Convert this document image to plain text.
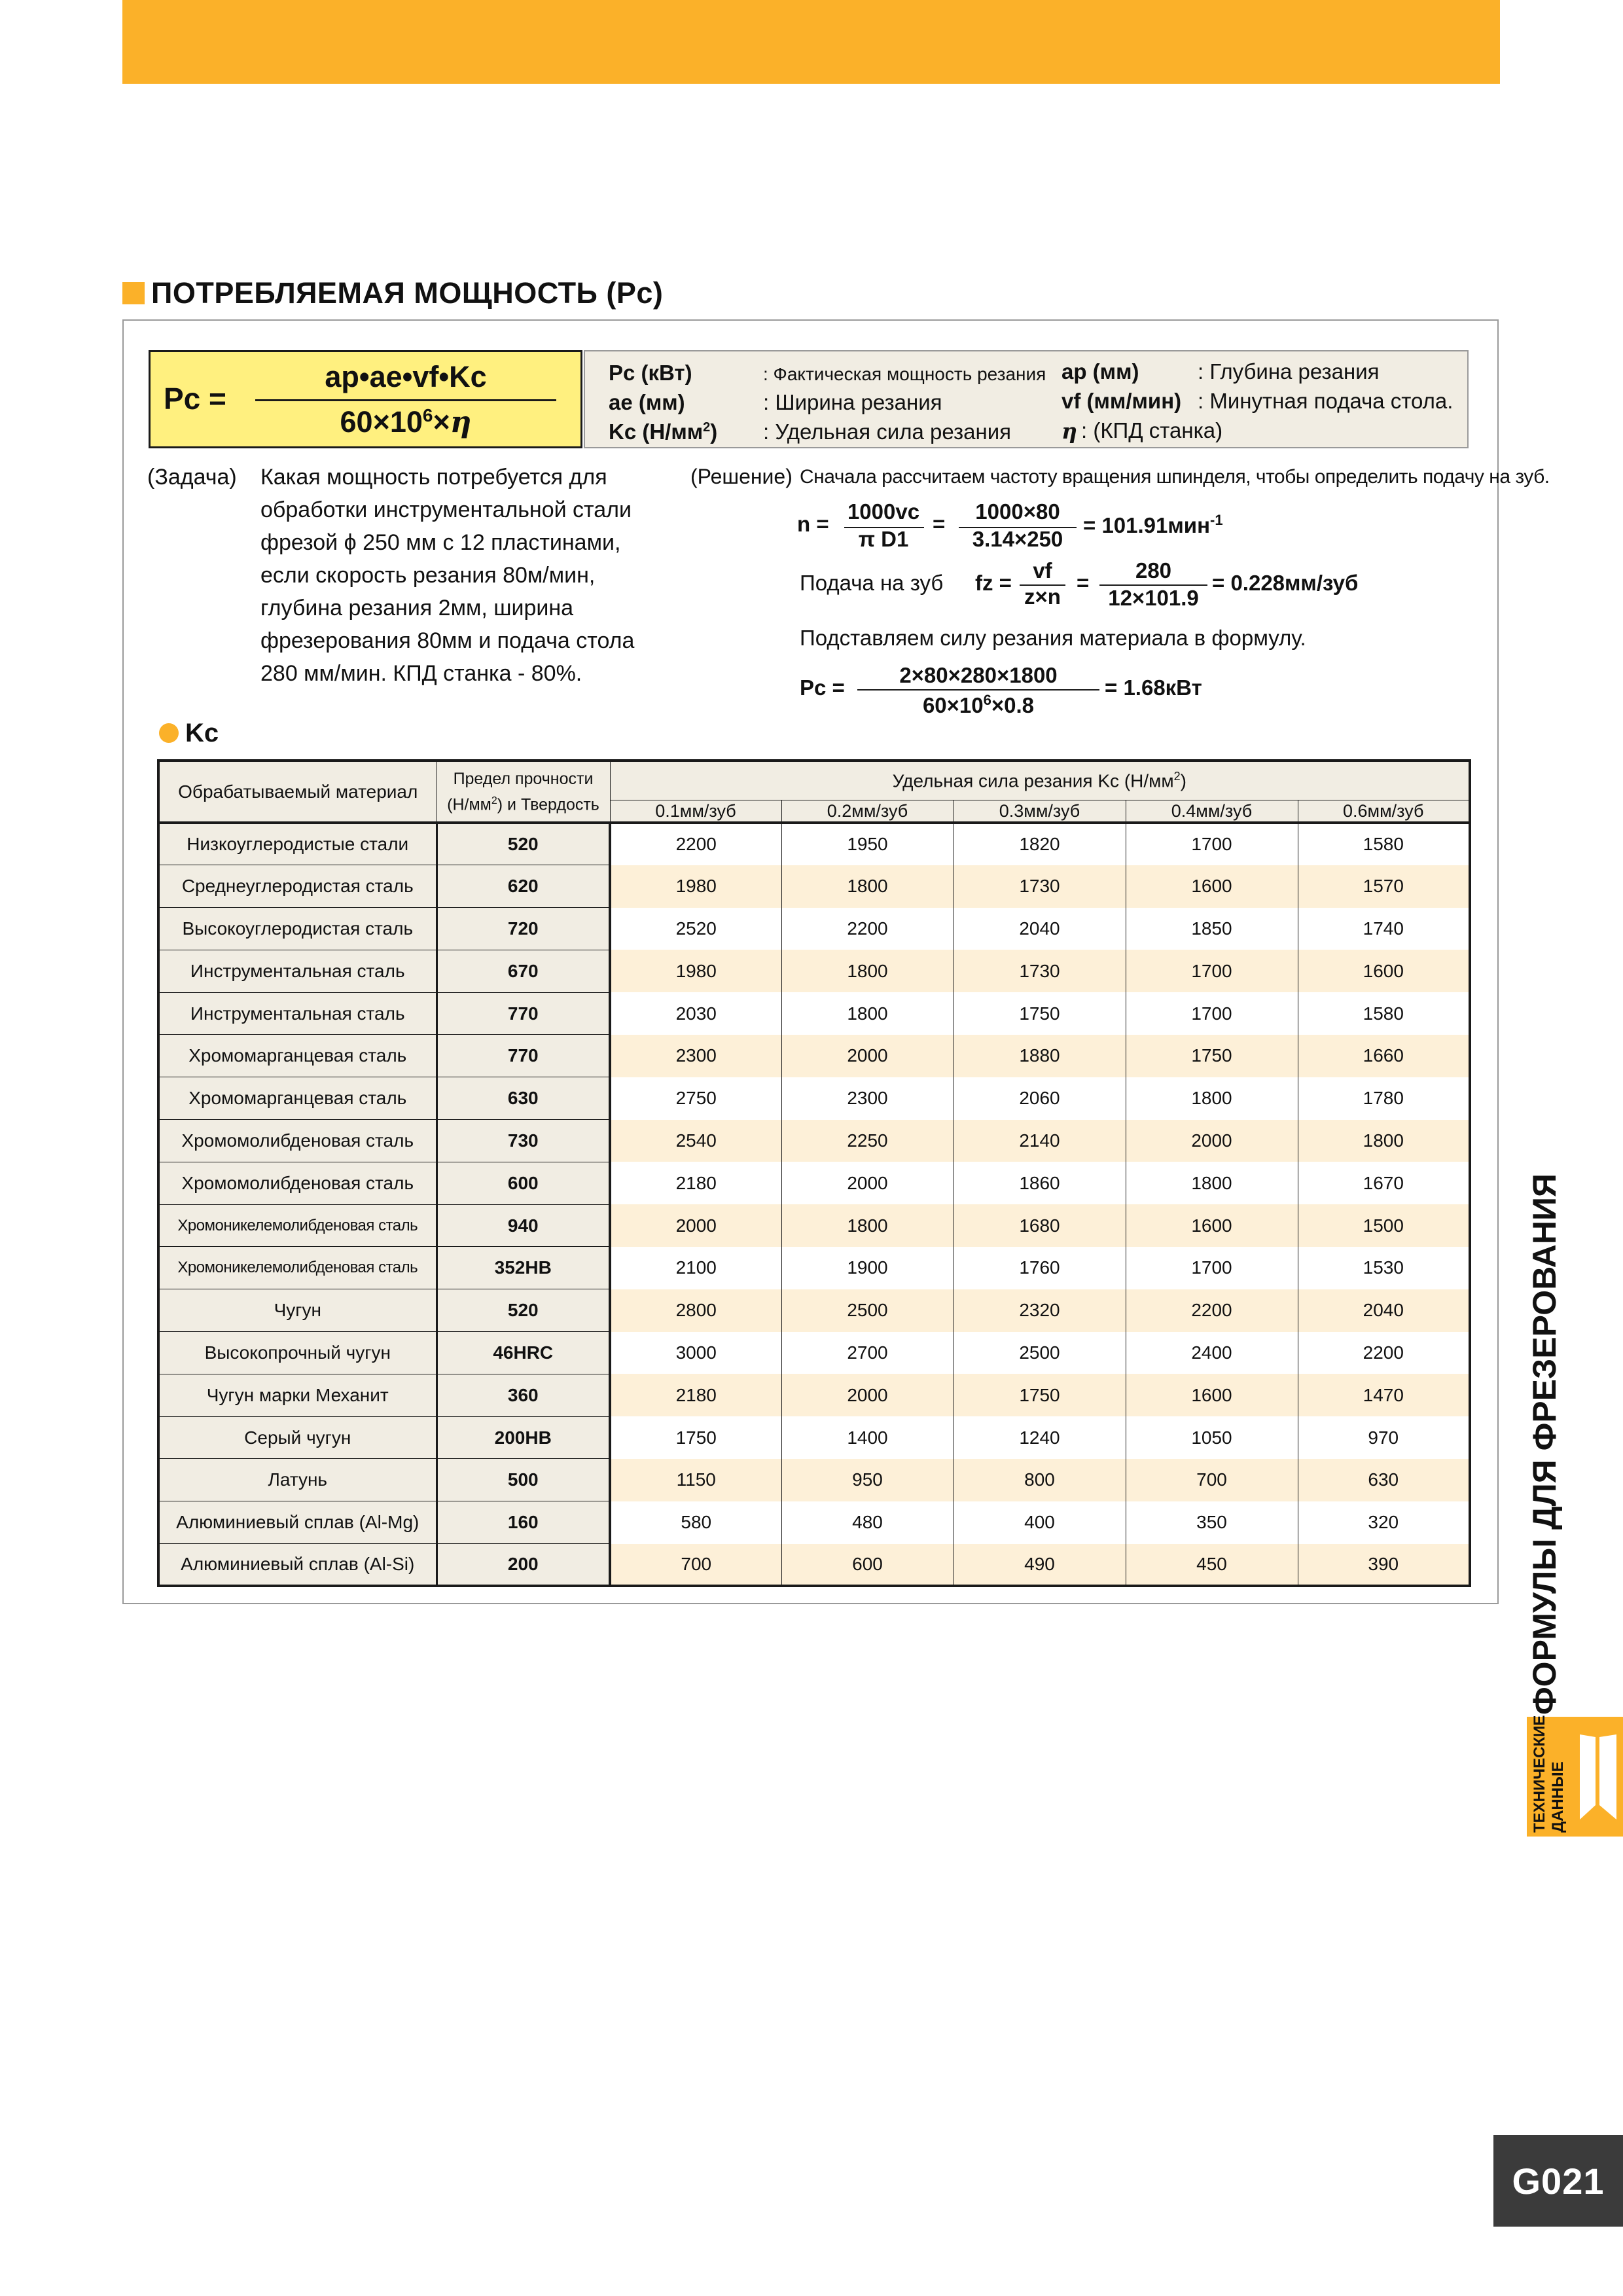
ПОТРЕБЛЯЕМАЯ МОЩНОСТЬ (Pc)
Pc =
ap•ae•vf•Kc
$60\times 10^6\times\eta$
Pc (кВт)	: Фактическая мощность резания
ae (мм)	: Ширина резания
Kc $(Н/мм^2)$ : Удельная сила резания
ap (мм)	: Глубина резания
vf (мм/мин) : Минутная подача стола.
η : (КПД станка)
(Задача) Какая мощность потребуется для
обработки инструментальной стали
фрезой ϕ 250 мм с 12 пластинами,
если скорость резания 80м/мин,
глубина резания 2мм, ширина
фрезерования 80мм и подача стола
280 мм/мин. КПД станка - 80%.
(Решение) Сначала рассчитаем частоту вращения шпинделя, чтобы определить подачу на зуб.
n =
1000vc
π D1
=
1000×80
3.14×250
= 101.91мин$^{-1}$
Подача на зуб fz =
vf
z×n
=
280
12×101.9
= 0.228мм/зуб
Подставляем силу резания материала в формулу.
Pc =
2×80×280×1800
$60\times 10^6\times 0.8$
= 1.68кВт
Kc
Обрабатываемый материал	Предел прочности
$(Н/мм^2)$ и Твердость	Удельная сила резания Kc $(Н/мм^2)$				
		0.1мм/зуб	0.2мм/зуб	0.3мм/зуб	0.4мм/зуб	0.6мм/зуб
Низкоуглеродистые стали	520	2200	1950	1820	1700	1580
Среднеуглеродистая сталь	620	1980	1800	1730	1600	1570
Высокоуглеродистая сталь	720	2520	2200	2040	1850	1740
Инструментальная сталь	670	1980	1800	1730	1700	1600
Инструментальная сталь	770	2030	1800	1750	1700	1580
Хромомарганцевая сталь	770	2300	2000	1880	1750	1660
Хромомарганцевая сталь	630	2750	2300	2060	1800	1780
Хромомолибденовая сталь	730	2540	2250	2140	2000	1800
Хромомолибденовая сталь	600	2180	2000	1860	1800	1670
Хромоникелемолибденовая сталь	940	2000	1800	1680	1600	1500
Хромоникелемолибденовая сталь	352HB	2100	1900	1760	1700	1530
Чугун	520	2800	2500	2320	2200	2040
Высокопрочный чугун	46HRC	3000	2700	2500	2400	2200
Чугун марки Механит	360	2180	2000	1750	1600	1470
Серый чугун	200HB	1750	1400	1240	1050	970
Латунь	500	1150	950	800	700	630
Алюминиевый сплав (Al-Mg)	160	580	480	400	350	320
Алюминиевый сплав (Al-Si)	200	700	600	490	450	390	ФОРМУЛЫ ДЛЯ ФРЕЗЕРОВАНИЯ
ТЕХНИЧЕСКИЕ
ДАННЫЕ
G021
